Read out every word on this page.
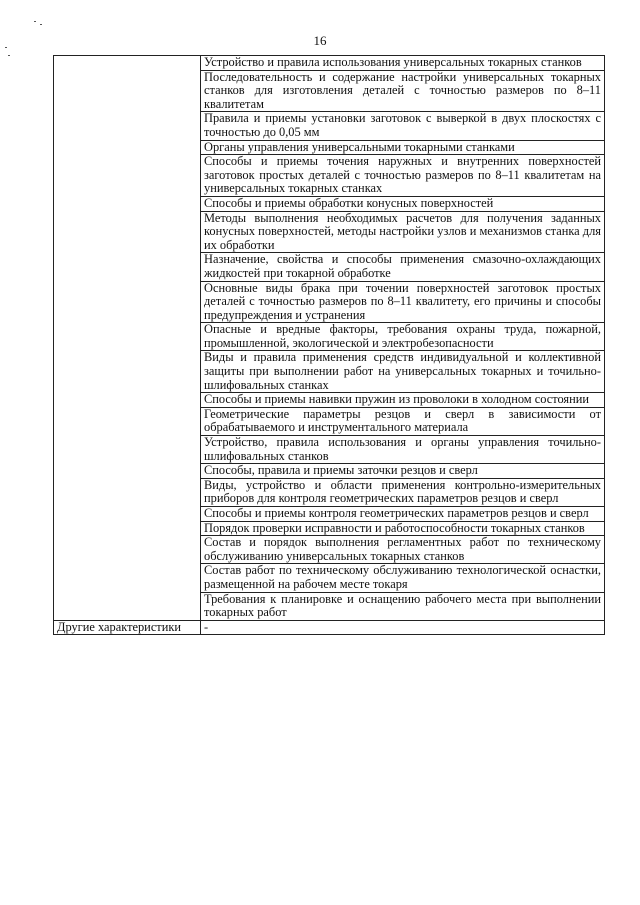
16
	Устройство и правила использования универсальных токарных станков
	Последовательность и содержание настройки универсальных токарных станков для изготовления деталей с точностью размеров по 8–11 квалитетам
	Правила и приемы установки заготовок с выверкой в двух плоскостях с точностью до 0,05 мм
	Органы управления универсальными токарными станками
	Способы и приемы точения наружных и внутренних поверхностей заготовок простых деталей с точностью размеров по 8–11 квалитетам на универсальных токарных станках
	Способы и приемы обработки конусных поверхностей
	Методы выполнения необходимых расчетов для получения заданных конусных поверхностей, методы настройки узлов и механизмов станка для их обработки
	Назначение, свойства и способы применения смазочно-охлаждающих жидкостей при токарной обработке
	Основные виды брака при точении поверхностей заготовок простых деталей с точностью размеров по 8–11 квалитету, его причины и способы предупреждения и устранения
	Опасные и вредные факторы, требования охраны труда, пожарной, промышленной, экологической и электробезопасности
	Виды и правила применения средств индивидуальной и коллективной защиты при выполнении работ на универсальных токарных и точильно-шлифовальных станках
	Способы и приемы навивки пружин из проволоки в холодном состоянии
	Геометрические параметры резцов и сверл в зависимости от обрабатываемого и инструментального материала
	Устройство, правила использования и органы управления точильно-шлифовальных станков
	Способы, правила и приемы заточки резцов и сверл
	Виды, устройство и области применения контрольно-измерительных приборов для контроля геометрических параметров резцов и сверл
	Способы и приемы контроля геометрических параметров резцов и сверл
	Порядок проверки исправности и работоспособности токарных станков
	Состав и порядок выполнения регламентных работ по техническому обслуживанию универсальных токарных станков
	Состав работ по техническому обслуживанию технологической оснастки, размещенной на рабочем месте токаря
	Требования к планировке и оснащению рабочего места при выполнении токарных работ
Другие характеристики	-
